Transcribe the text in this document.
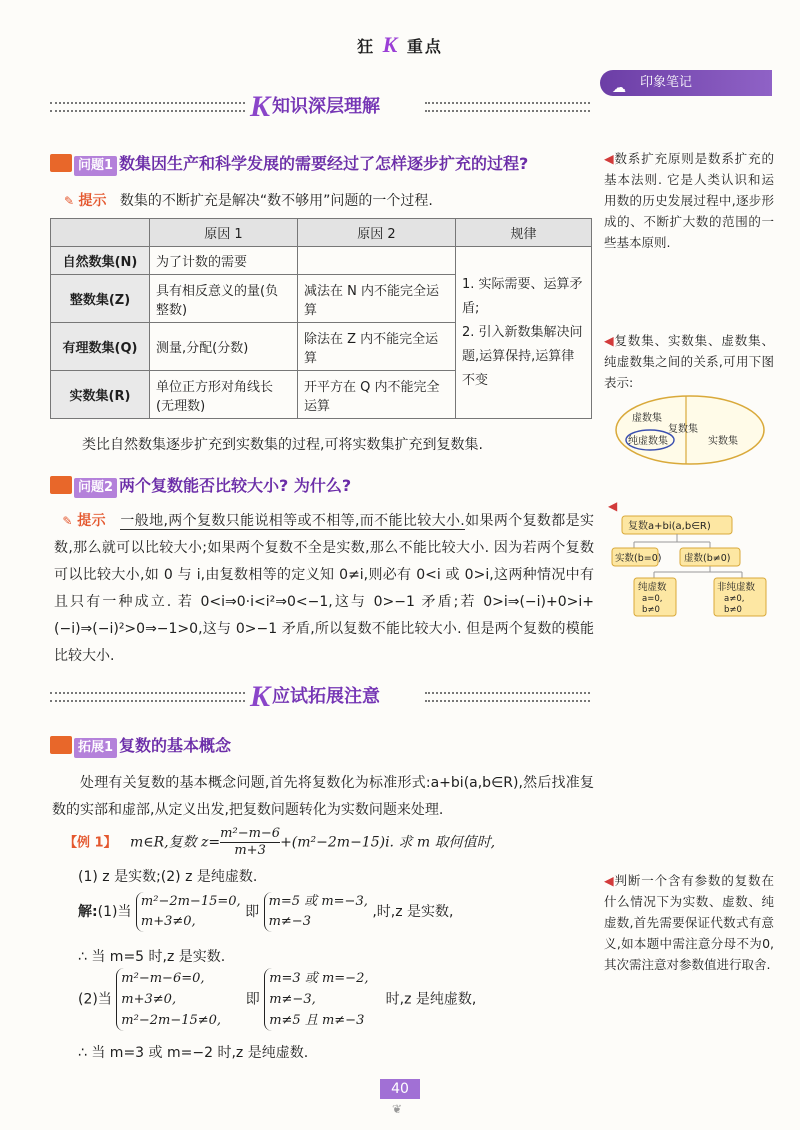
狂 K 重点
☁ 印象笔记
K知识深层理解
问题1 数集因生产和科学发展的需要经过了怎样逐步扩充的过程?
✎ 提示 数集的不断扩充是解决“数不够用”问题的一个过程.
	原因 1	原因 2	规律
自然数集(N)	为了计数的需要		1. 实际需要、运算矛盾;
2. 引入新数集解决问题,运算保持,运算律不变

整数集(Z)	具有相反意义的量(负整数)	减法在 N 内不能完全运算	
有理数集(Q)	测量,分配(分数)	除法在 Z 内不能完全运算	
实数集(R)	单位正方形对角线长(无理数)	开平方在 Q 内不能完全运算	
类比自然数集逐步扩充到实数集的过程,可将实数集扩充到复数集.
问题2 两个复数能否比较大小? 为什么?
✎ 提示 一般地,两个复数只能说相等或不相等,而不能比较大小.如果两个复数都是实数,那么就可以比较大小;如果两个复数不全是实数,那么不能比较大小. 因为若两个复数可以比较大小,如 0 与 i,由复数相等的定义知 0≠i,则必有 0<i 或 0>i,这两种情况中有且只有一种成立. 若 0<i⇒0·i<i²⇒0<−1,这与 0>−1 矛盾;若 0>i⇒(−i)+0>i+(−i)⇒(−i)²>0⇒−1>0,这与 0>−1 矛盾,所以复数不能比较大小. 但是两个复数的模能比较大小.
K应试拓展注意
拓展1 复数的基本概念
处理有关复数的基本概念问题,首先将复数化为标准形式:a+bi(a,b∈R),然后找准复数的实部和虚部,从定义出发,把复数问题转化为实数问题来处理.
【例 1】 m∈R,复数 $z= \frac{\text{m²−m−6}}{m+3} +(m^2-2m-15)i$. 求 m 取何值时,
(1) z 是实数;(2) z 是纯虚数.
解:(1)当
m²−2m−15=0,
m+3≠0,
即
m=5 或 m=−3,
m≠−3
,时,z 是实数,
∴ 当 m=5 时,z 是实数.
(2)当
m²−m−6=0,
m+3≠0,
m²−2m−15≠0,
即
m=3 或 m=−2,
m≠−3,
m≠5 且 m≠−3
时,z 是纯虚数,
∴ 当 m=3 或 m=−2 时,z 是纯虚数.
◀数系扩充原则是数系扩充的基本法则. 它是人类认识和运用数的历史发展过程中,逐步形成的、不断扩大数的范围的一些基本原则.
◀复数集、实数集、虚数集、纯虚数集之间的关系,可用下图表示:
虚数集
复数集
纯虚数集	实数集
◀
复数a+bi(a,b∈R)
实数(b=0) 虚数(b≠0)
纯虚数
a=0,
b≠0
非纯虚数
a≠0,
b≠0
◀判断一个含有参数的复数在什么情况下为实数、虚数、纯虚数,首先需要保证代数式有意义,如本题中需注意分母不为0,其次需注意对参数值进行取舍.
40
❦
